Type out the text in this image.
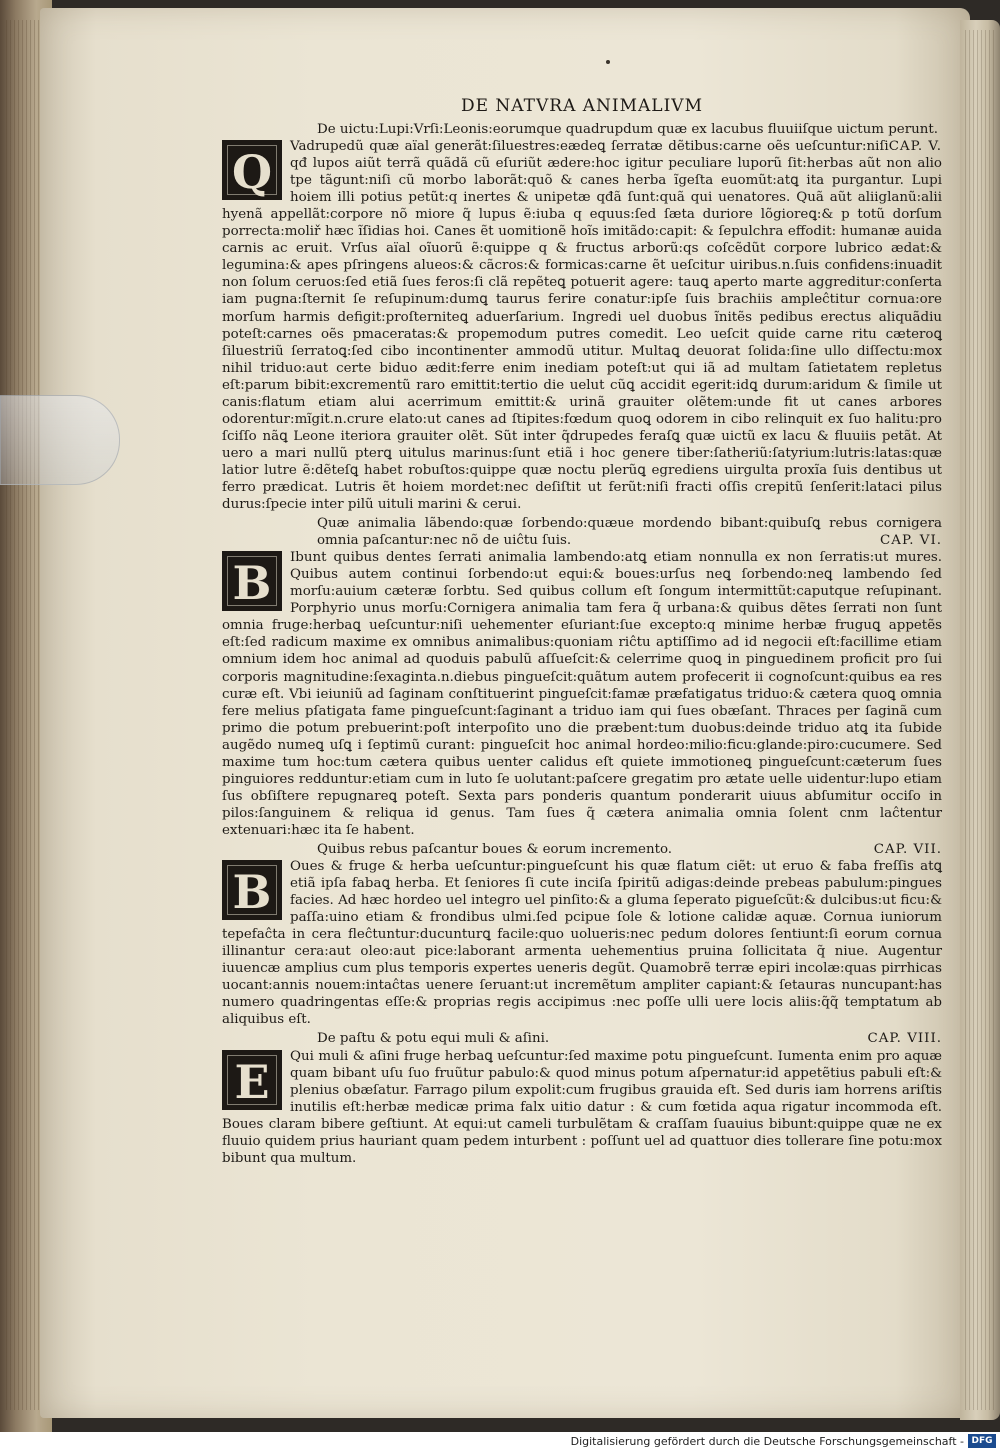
DE NATVRA ANIMALIVM

De uictu:Lupi:Vrſi:Leonis:eorumque quadrupdum quæ ex lacubus fluuiiſque uictum perunt.
CAP. V.

Q	Vadrupedũ quæ aïal generãt:ſiluestres:eædeꝗ ſerratæ dẽtibus:carne oẽs ueſcuntur:niſi qđ lupos aiũt terrã quãdã cũ eſuriũt ædere:hoc igitur peculiare luporũ ſit:herbas aũt non alio tpe tãgunt:niſi cũ morbo laborãt:quõ & canes herba ĩgeſta euomũt:atꝗ ita purgantur. Lupi hoiem illi potius petũt:q inertes & unipetæ qđã ſunt:quã qui uenatores. Quã aũt aliiglanũ:alii hyenã appellãt:corpore nõ miore q̃ lupus ẽ:iuba q equus:ſed ſæta duriore lõgioreꝗ:& p totũ dorſum porrecta:moliř hæc ĩſidias hoi. Canes ẽt uomitionẽ hoĩs imitãdo:capit: & ſepulchra effodit: humanæ auida carnis ac eruit. Vrſus aïal oĩuorũ ẽ:quippe q & fructus arborũ:qs coſcẽdũt corpore lubrico ædat:& legumina:& apes pſringens alueos:& cãcros:& formicas:carne ẽt ueſcitur uiribus.n.ſuis confidens:inuadit non ſolum ceruos:ſed etiã ſues feros:ſi clã repẽteꝗ potuerit agere: tauꝗ aperto marte aggreditur:conſerta iam pugna:ſternit ſe reſupinum:dumꝗ taurus ferire conatur:ipſe ſuis brachiis ampleĉtitur cornua:ore morſum harmis defigit:proſterniteꝗ aduerſarium. Ingredi uel duobus ĩnitẽs pedibus erectus aliquãdiu poteſt:carnes oẽs pmaceratas:& propemodum putres comedit. Leo ueſcit quide carne ritu cæteroꝗ ſiluestriũ ſerratoꝗ:ſed cibo incontinenter ammodũ utitur. Multaꝗ deuorat ſolida:ſine ullo diſſectu:mox nihil triduo:aut certe biduo ædit:ferre enim inediam poteſt:ut qui iã ad multam ſatietatem repletus eſt:parum bibit:excrementũ raro emittit:tertio die uelut cũꝗ accidit egerit:idꝗ durum:aridum & ſimile ut canis:flatum etiam alui acerrimum emittit:& urinã grauiter olẽtem:unde fit ut canes arbores odorentur:mĩgit.n.crure elato:ut canes ad ſtipites:fœdum quoꝗ odorem in cibo relinquit ex ſuo halitu:pro ſciſſo nãꝗ Leone iteriora grauiter olẽt. Sũt inter q̃drupedes feraſꝗ quæ uictũ ex lacu & fluuiis petãt. At uero a mari nullũ pterꝗ uitulus marinus:ſunt etiã i hoc genere tiber:ſatheriũ:ſatyrium:lutris:latas:quæ latior lutre ẽ:dẽteſꝗ habet robuſtos:quippe quæ noctu plerũꝗ egrediens uirgulta proxĩa ſuis dentibus ut ferro prædicat. Lutris ẽt hoiem mordet:nec deſiſtit ut ferũt:niſi fracti oſſis crepitũ ſenſerit:lataci pilus durus:ſpecie inter pilũ uituli marini & cerui.

Quæ animalia lãbendo:quæ ſorbendo:quæue mordendo bibant:quibuſꝗ rebus cornigera omnia paſcantur:nec nõ de uiĉtu ſuis.	CAP. VI.

B	Ibunt quibus dentes ſerrati animalia lambendo:atꝗ etiam nonnulla ex non ſerratis:ut mures. Quibus autem continui ſorbendo:ut equi:& boues:urſus neꝗ ſorbendo:neꝗ lambendo ſed morſu:auium cæteræ ſorbtu. Sed quibus collum eſt ſongum intermittũt:caputque reſupinant. Porphyrio unus morſu:Cornigera animalia tam fera q̃ urbana:& quibus dẽtes ſerrati non ſunt omnia fruge:herbaꝗ ueſcuntur:niſi uehementer eſuriant:ſue excepto:q minime herbæ fruguꝗ appetẽs eſt:ſed radicum maxime ex omnibus animalibus:quoniam riĉtu aptiſſimo ad id negocii eſt:facillime etiam omnium idem hoc animal ad quoduis pabulũ aſſueſcit:& celerrime quoꝗ in pinguedinem proficit pro ſui corporis magnitudine:ſexaginta.n.diebus pingueſcit:quãtum autem profecerit ii cognoſcunt:quibus ea res curæ eſt. Vbi ieiuniũ ad ſaginam conſtituerint pingueſcit:famæ præfatigatus triduo:& cætera quoꝗ omnia fere melius pſatigata fame pingueſcunt:ſaginant a triduo iam qui ſues obæſant. Thraces per ſaginã cum primo die potum prebuerint:poſt interpoſito uno die præbent:tum duobus:deinde triduo atꝗ ita ſubide augẽdo numeꝗ uſꝗ i ſeptimũ curant: pingueſcit hoc animal hordeo:milio:ficu:glande:piro:cucumere. Sed maxime tum hoc:tum cætera quibus uenter calidus eſt quiete immotioneꝗ pingueſcunt:cæterum ſues pinguiores redduntur:etiam cum in luto ſe uolutant:paſcere gregatim pro ætate uelle uidentur:lupo etiam ſus obſiſtere repugnareꝗ poteſt. Sexta pars ponderis quantum ponderarit uiuus abſumitur occiſo in pilos:ſanguinem & reliqua id genus. Tam ſues q̃ cætera animalia omnia ſolent cnm laĉtentur extenuari:hæc ita ſe habent.

Quibus rebus paſcantur boues & eorum incremento.	CAP. VII.

B	Oues & fruge & herba ueſcuntur:pingueſcunt his quæ flatum ciẽt: ut eruo & faba freſſis atꝗ etiã ipſa fabaꝗ herba. Et ſeniores ſi cute inciſa ſpiritũ adigas:deinde prebeas pabulum:pingues facies. Ad hæc hordeo uel integro uel pinſito:& a gluma ſeperato pigueſcũt:& dulcibus:ut ficu:& paſſa:uino etiam & frondibus ulmi.ſed pcipue ſole & lotione calidæ aquæ. Cornua iuniorum tepefaĉta in cera fleĉtuntur:ducunturꝗ facile:quo uolueris:nec pedum dolores ſentiunt:ſi eorum cornua illinantur cera:aut oleo:aut pice:laborant armenta uehementius pruina ſollicitata q̃ niue. Augentur iuuencæ amplius cum plus temporis expertes ueneris degũt. Quamobrẽ terræ epiri incolæ:quas pirrhicas uocant:annis nouem:intaĉtas uenere ſeruant:ut incremẽtum ampliter capiant:& ſetauras nuncupant:has numero quadringentas eſſe:& proprias regis accipimus :nec poſſe ulli uere locis aliis:q̃q̃ temptatum ab aliquibus eſt.

De paſtu & potu equi muli & aſini.	CAP. VIII.

E	Qui muli & aſini fruge herbaꝗ ueſcuntur:ſed maxime potu pingueſcunt. Iumenta enim pro aquæ quam bibant uſu ſuo fruũtur pabulo:& quod minus potum aſpernatur:id appetẽtius pabuli eſt:& plenius obæſatur. Farrago pilum expolit:cum frugibus grauida eſt. Sed duris iam horrens ariſtis inutilis eſt:herbæ medicæ prima falx uitio datur : & cum fœtida aqua rigatur incommoda eſt. Boues claram bibere geſtiunt. At equi:ut cameli turbulẽtam & craſſam ſuauius bibunt:quippe quæ ne ex fluuio quidem prius hauriant quam pedem inturbent : poſſunt uel ad quattuor dies tollerare ſine potu:mox bibunt qua multum.

Digitalisierung gefördert durch die Deutsche Forschungsgemeinschaft - DFG
